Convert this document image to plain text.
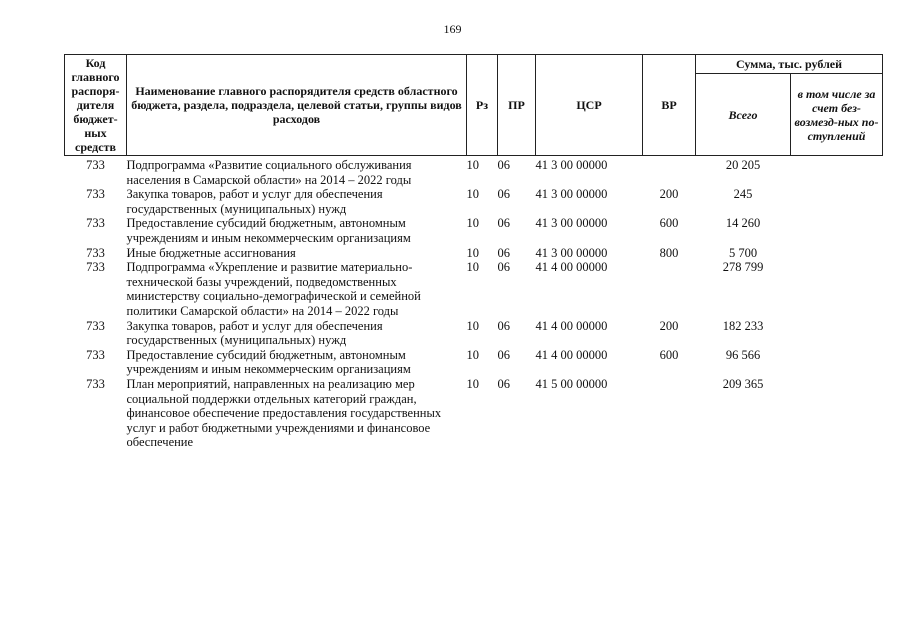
169
Код главного распоря-дителя бюджет-ных средств	Наименование главного распорядителя средств областного бюджета, раздела, подраздела, целевой статьи, группы видов расходов	Рз	ПР	ЦСР	ВР	Сумма, тыс. рублей	
						Всего	в том числе за счет без-возмезд-ных по-ступлений
733	Подпрограмма «Развитие социального обслуживания населения в Самарской области» на 2014 – 2022 годы	10	06	41 3 00 00000		20 205	
733	Закупка товаров, работ и услуг для обеспечения государственных (муниципальных) нужд	10	06	41 3 00 00000	200	245	
733	Предоставление субсидий бюджетным, автономным учреждениям и иным некоммерческим организациям	10	06	41 3 00 00000	600	14 260	
733	Иные бюджетные ассигнования	10	06	41 3 00 00000	800	5 700	
733	Подпрограмма «Укрепление и развитие материально-технической базы учреждений, подведомственных министерству социально-демографической и семейной политики Самарской области» на 2014 – 2022 годы	10	06	41 4 00 00000		278 799	
733	Закупка товаров, работ и услуг для обеспечения государственных (муниципальных) нужд	10	06	41 4 00 00000	200	182 233	
733	Предоставление субсидий бюджетным, автономным учреждениям и иным некоммерческим организациям	10	06	41 4 00 00000	600	96 566	
733	План мероприятий, направленных на реализацию мер социальной поддержки отдельных категорий граждан, финансовое обеспечение предоставления государственных услуг и работ бюджетными учреждениями и финансовое обеспечение	10	06	41 5 00 00000		209 365	
